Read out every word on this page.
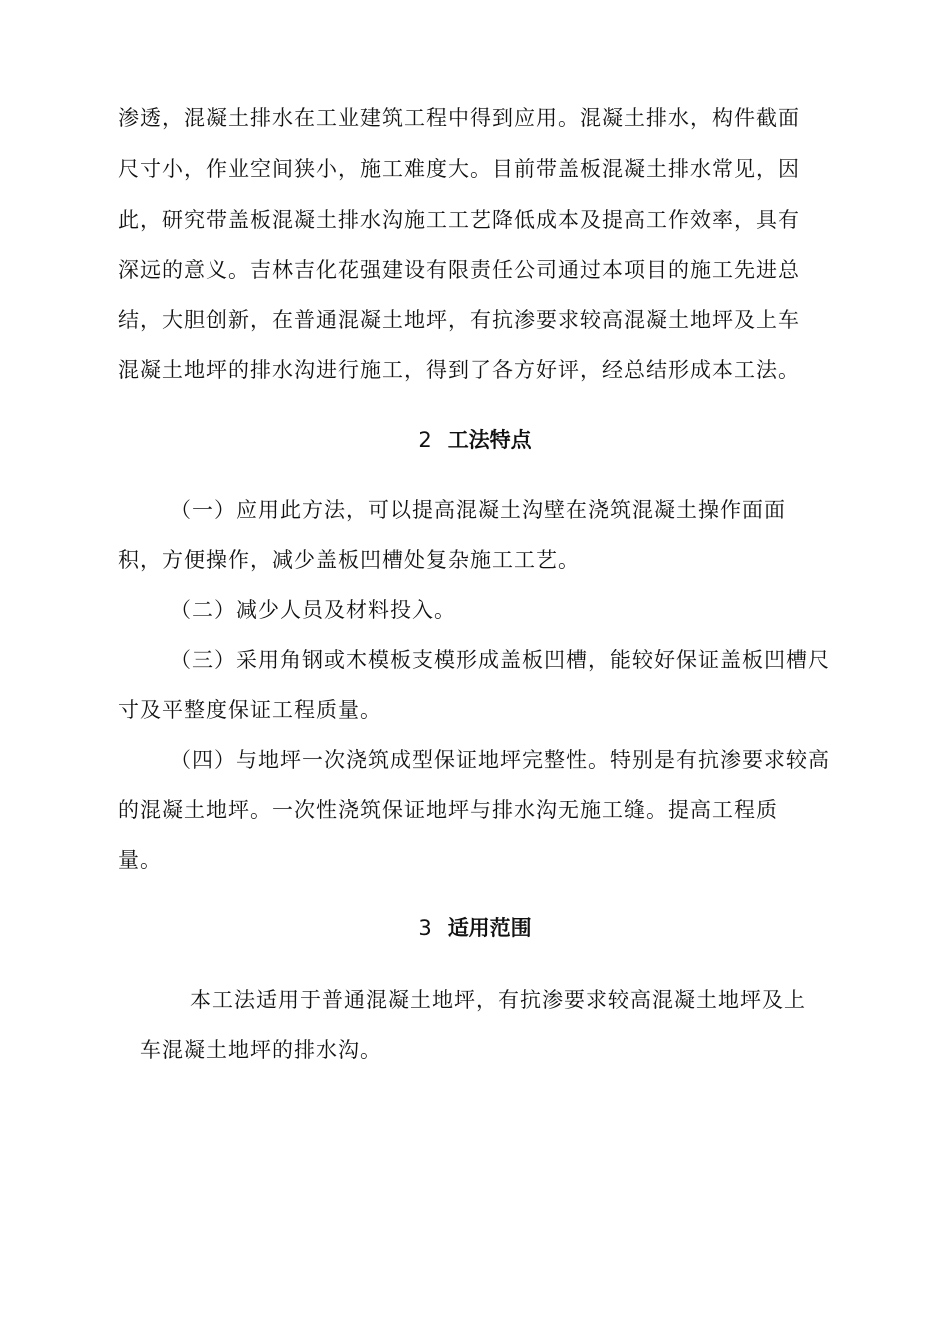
渗透，混凝土排水在工业建筑工程中得到应用。混凝土排水，构件截面
尺寸小，作业空间狭小，施工难度大。目前带盖板混凝土排水常见，因
此，研究带盖板混凝土排水沟施工工艺降低成本及提高工作效率，具有
深远的意义。吉林吉化花强建设有限责任公司通过本项目的施工先进总
结，大胆创新，在普通混凝土地坪，有抗渗要求较高混凝土地坪及上车
混凝土地坪的排水沟进行施工，得到了各方好评，经总结形成本工法。
2 工法特点
（一）应用此方法，可以提高混凝土沟壁在浇筑混凝土操作面面
积，方便操作，减少盖板凹槽处复杂施工工艺。
（二）减少人员及材料投入。
（三）采用角钢或木模板支模形成盖板凹槽，能较好保证盖板凹槽尺
寸及平整度保证工程质量。
（四）与地坪一次浇筑成型保证地坪完整性。特别是有抗渗要求较高
的混凝土地坪。一次性浇筑保证地坪与排水沟无施工缝。提高工程质
量。
3 适用范围
本工法适用于普通混凝土地坪，有抗渗要求较高混凝土地坪及上
车混凝土地坪的排水沟。
